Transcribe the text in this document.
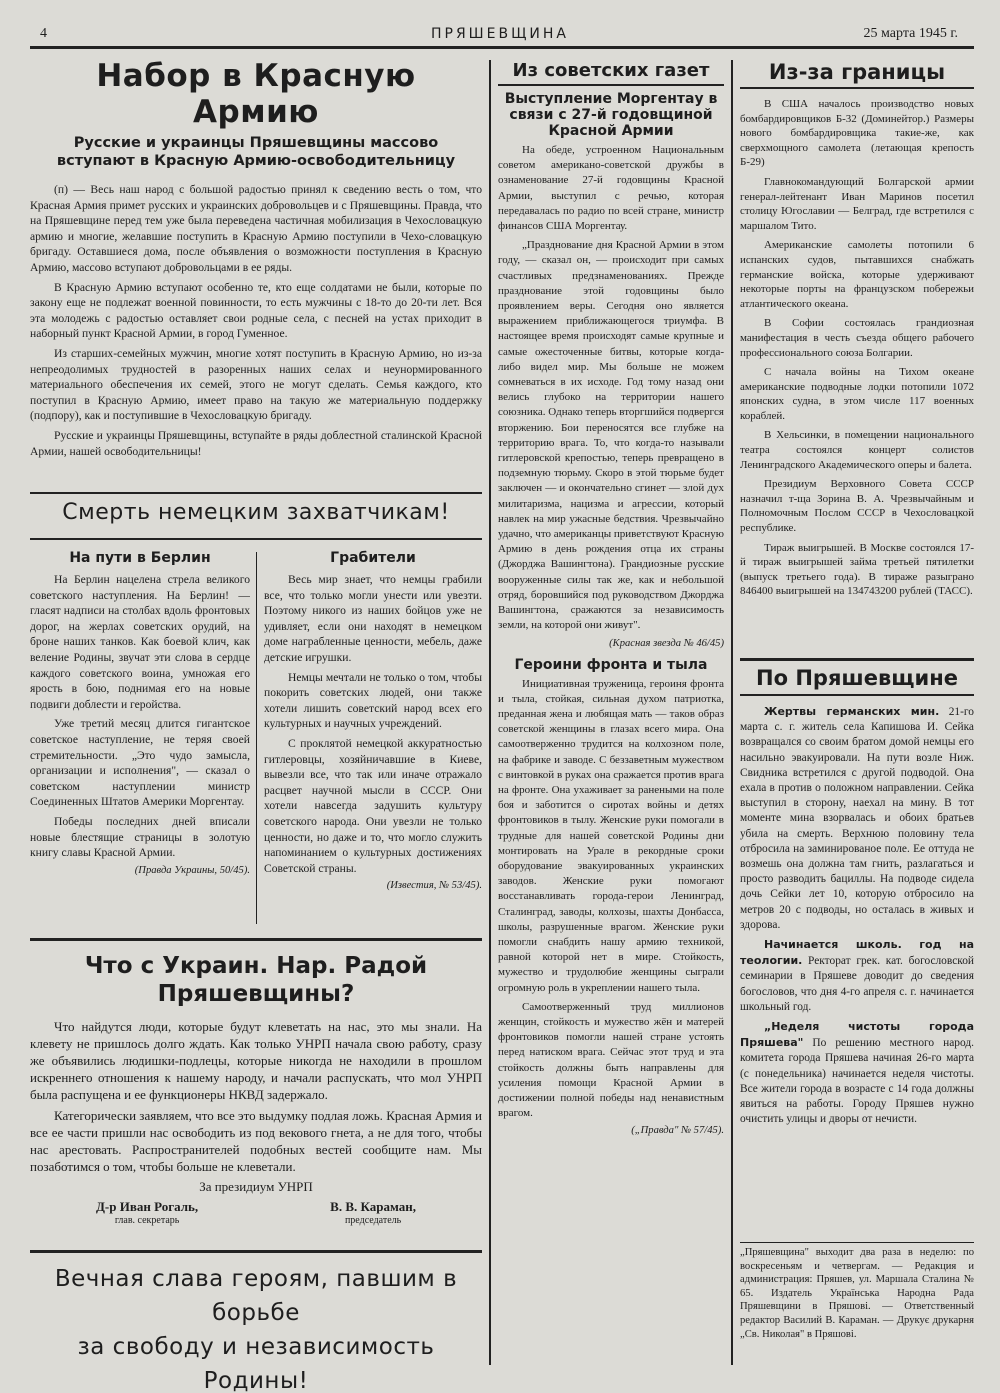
4	ПРЯШЕВЩИНА	25 марта 1945 г.
Набор в Красную Армию
Русские и украинцы Пряшевщины массово вступают в Красную Армию-освободительницу

(п) — Весь наш народ с большой радостью принял к сведению весть о том, что Красная Армия примет русских и украинских добровольцев и с Пряшевщины. Правда, что на Пряшевщине перед тем уже была переведена частичная мобилизация в Чехословацкую армию и многие, желавшие поступить в Красную Армию поступили в Чехо-словацкую бригаду. Оставшиеся дома, после объявления о возможности поступления в Красную Армию, массово вступают добровольцами в ее ряды.

В Красную Армию вступают особенно те, кто еще солдатами не были, которые по закону еще не подлежат военной повинности, то есть мужчины с 18-то до 20-ти лет. Вся эта молодежь с радостью оставляет свои родные села, с песней на устах приходит в наборный пункт Красной Армии, в город Гуменное.

Из старших-семейных мужчин, многие хотят поступить в Красную Армию, но из-за непреодолимых трудностей в разоренных наших селах и неунормированного материального обеспечения их семей, этого не могут сделать. Семья каждого, кто поступил в Красную Армию, имеет право на такую же материальную поддержку (подпору), как и поступившие в Чехословацкую бригаду.

Русские и украинцы Пряшевщины, вступайте в ряды доблестной сталинской Красной Армии, нашей освободительницы!

Смерть немецким захватчикам!
На пути в Берлин

На Берлин нацелена стрела великого советского наступления. На Берлин! — гласят надписи на столбах вдоль фронтовых дорог, на жерлах советских орудий, на броне наших танков. Как боевой клич, как веление Родины, звучат эти слова в сердце каждого советского воина, умножая его ярость в бою, поднимая его на новые подвиги доблести и геройства.

Уже третий месяц длится гигантское советское наступление, не теряя своей стремительности. „Это чудо замысла, организации и исполнения", — сказал о советском наступлении министр Соединенных Штатов Америки Моргентау.

Победы последних дней вписали новые блестящие страницы в золотую книгу славы Красной Армии.

(Правда Украины, 50/45).
Грабители

Весь мир знает, что немцы грабили все, что только могли унести или увезти. Поэтому никого из наших бойцов уже не удивляет, если они находят в немецком доме награбленные ценности, мебель, даже детские игрушки.

Немцы мечтали не только о том, чтобы покорить советских людей, они также хотели лишить советский народ всех его культурных и научных учреждений.

С проклятой немецкой аккуратностью гитлеровцы, хозяйничавшие в Киеве, вывезли все, что так или иначе отражало расцвет научной мысли в СССР. Они хотели навсегда задушить культуру советского народа. Они увезли не только ценности, но даже и то, что могло служить напоминанием о культурных достижениях Советской страны.

(Известия, № 53/45).
Что с Украин. Нар. Радой
Пряшевщины?

Что найдутся люди, которые будут клеветать на нас, это мы знали. На клевету не пришлось долго ждать. Как только УНРП начала свою работу, сразу же объявились людишки-подлецы, которые никогда не находили в прошлом искреннего отношения к нашему народу, и начали распускать, что мол УНРП была распущена и ее функционеры НКВД задержало.

Категорически заявляем, что все это выдумку подлая ложь. Красная Армия и все ее части пришли нас освободить из под векового гнета, а не для того, чтобы нас арестовать. Распространителей подобных вестей сообщите нам. Мы позаботимся о том, чтобы больше не клеветали.

За президиум УНРП
Д-р Иван Рогаль,
глав. секретарь
В. В. Караман,
председатель
Вечная слава героям, павшим в борьбе
за свободу и независимость Родины!
Из советских газет
Выступление Моргентау в связи с 27-й годовщиной Красной Армии

На обеде, устроенном Национальным советом американо-советской дружбы в ознаменование 27-й годовщины Красной Армии, выступил с речью, которая передавалась по радио по всей стране, министр финансов США Моргентау.

„Празднование дня Красной Армии в этом году, — сказал он, — происходит при самых счастливых предзнаменованиях. Прежде празднование этой годовщины было проявлением веры. Сегодня оно является выражением приближающегося триумфа. В настоящее время происходят самые крупные и самые ожесточенные битвы, которые когда-либо видел мир. Мы больше не можем сомневаться в их исходе. Год тому назад они велись глубоко на территории нашего союзника. Однако теперь вторгшийся подвергся вторжению. Бои переносятся все глубже на территорию врага. То, что когда-то называли гитлеровской крепостью, теперь превращено в подземную тюрьму. Скоро в этой тюрьме будет заключен — и окончательно сгинет — злой дух милитаризма, нацизма и агрессии, который навлек на мир ужасные бедствия. Чрезвычайно удачно, что американцы приветствуют Красную Армию в день рождения отца их страны (Джорджа Вашингтона). Грандиозные русские вооруженные силы так же, как и небольшой отряд, боровшийся под руководством Джорджа Вашингтона, сражаются за независимость земли, на которой они живут".

(Красная звезда № 46/45)
Героини фронта и тыла

Инициативная труженица, героиня фронта и тыла, стойкая, сильная духом патриотка, преданная жена и любящая мать — таков образ советской женщины в глазах всего мира. Она самоотверженно трудится на колхозном поле, на фабрике и заводе. С беззаветным мужеством с винтовкой в руках она сражается против врага на фронте. Она ухаживает за ранеными на поле боя и заботится о сиротах войны и детях фронтовиков в тылу. Женские руки помогали в трудные для нашей советской Родины дни монтировать на Урале в рекордные сроки оборудование эвакуированных украинских заводов. Женские руки помогают восстанавливать города-герои Ленинград, Сталинград, заводы, колхозы, шахты Донбасса, школы, разрушенные врагом. Женские руки помогли снабдить нашу армию техникой, равной которой нет в мире. Стойкость, мужество и трудолюбие женщины сыграли огромную роль в укреплении нашего тыла.

Самоотверженный труд миллионов женщин, стойкость и мужество жён и матерей фронтовиков помогли нашей стране устоять перед натиском врага. Сейчас этот труд и эта стойкость должны быть направлены для усиления помощи Красной Армии в достижении полной победы над ненавистным врагом.

(„Правда" № 57/45).
Из-за границы

В США началось производство новых бомбардировщиков Б-32 (Доминейтор.) Размеры нового бомбардировщика такие-же, как сверхмощного самолета (летающая крепость Б-29)

Главнокомандующий Болгарской армии генерал-лейтенант Иван Маринов посетил столицу Югославии — Белград, где встретился с маршалом Тито.

Американские самолеты потопили 6 испанских судов, пытавшихся снабжать германские войска, которые удерживают некоторые порты на французском побережьи атлантического океана.

В Софии состоялась грандиозная манифестация в честь съезда общего рабочего профессионального союза Болгарии.

С начала войны на Тихом океане американские подводные лодки потопили 1072 японских судна, в этом числе 117 военных кораблей.

В Хельсинки, в помещении национального театра состоялся концерт солистов Ленинградского Академического оперы и балета.

Президиум Верховного Совета СССР назначил т-ща Зорина В. А. Чрезвычайным и Полномочным Послом СССР в Чехословацкой республике.

Тираж выигрышей. В Москве состоялся 17-й тираж выигрышей займа третьей пятилетки (выпуск третьего года). В тираже разыграно 846400 выигрышей на 134743200 рублей (ТАСС).

По Пряшевщине

Жертвы германских мин. 21-го марта с. г. житель села Капишова И. Сейка возвращался со своим братом домой немцы его насильно эвакуировали. На пути возле Ниж. Свидника встретился с другой подводой. Она ехала в против о положном направлении. Сейка выступил в сторону, наехал на мину. В тот моменте мина взорвалась и обоих братьев убила на смерть. Верхнюю половину тела отбросила на заминированое поле. Ее оттуда не возмешь она должна там гнить, разлагаться и просто разводить бациллы. На подводе сидела дочь Сейки лет 10, которую отбросило на метров 20 с подводы, но осталась в живых и здорова.

Начинается школь. год на теологии. Ректорат грек. кат. богословской семинарии в Пряшеве доводит до сведения богословов, что дня 4-го апреля с. г. начинается школьный год.

„Неделя чистоты города Пряшева" По решению местного народ. комитета города Пряшева начиная 26-го марта (с понедельника) начинается неделя чистоты. Все жители города в возрасте с 14 года должны явиться на работы. Городу Пряшев нужно очистить улицы и дворы от нечисти.

„Пряшевщина" выходит два раза в неделю: по воскресеньям и четвергам. — Редакция и администрация: Пряшев, ул. Маршала Сталина № 65. Издатель Українська Народна Рада Пряшевщини в Пряшові. — Ответственный редактор Василий В. Караман. — Друкує друкарня „Св. Николая" в Пряшові.
